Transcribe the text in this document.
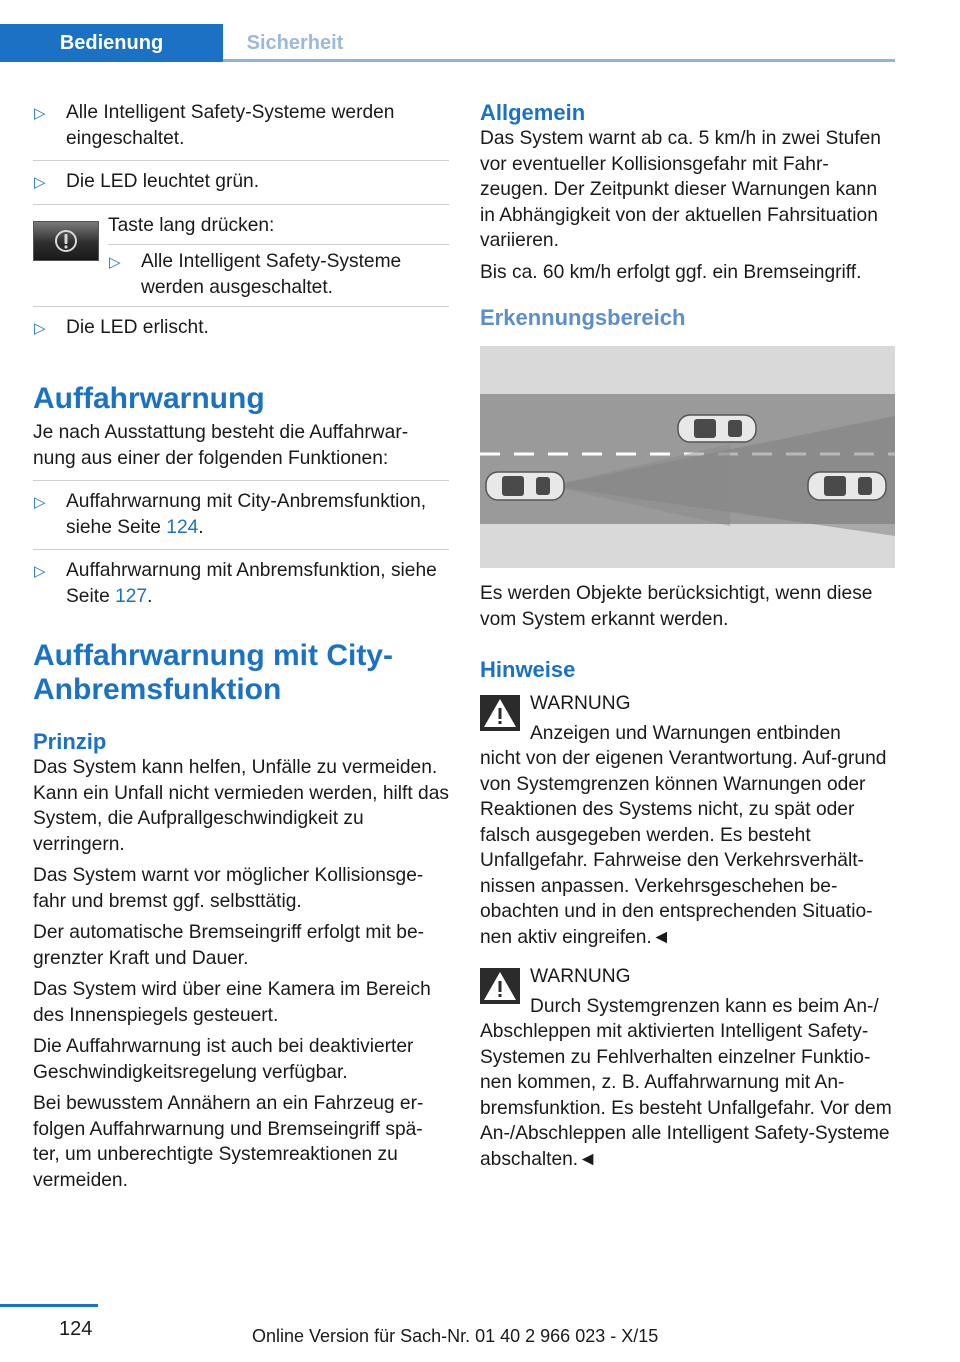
Bedienung	Sicherheit
▷ Alle Intelligent Safety-Systeme werden eingeschaltet.
▷ Die LED leuchtet grün.

Taste lang drücken:

▷ Alle Intelligent Safety-Systeme werden ausgeschaltet.
▷ Die LED erlischt.
Auffahrwarnung

Je nach Ausstattung besteht die Auffahrwar-nung aus einer der folgenden Funktionen:

▷ Auffahrwarnung mit City-Anbremsfunktion, siehe Seite 124.
▷ Auffahrwarnung mit Anbremsfunktion, siehe Seite 127.
Auffahrwarnung mit City-Anbremsfunktion
Prinzip

Das System kann helfen, Unfälle zu vermeiden. Kann ein Unfall nicht vermieden werden, hilft das System, die Aufprallgeschwindigkeit zu verringern.

Das System warnt vor möglicher Kollisionsge-fahr und bremst ggf. selbsttätig.

Der automatische Bremseingriff erfolgt mit be-grenzter Kraft und Dauer.

Das System wird über eine Kamera im Bereich des Innenspiegels gesteuert.

Die Auffahrwarnung ist auch bei deaktivierter Geschwindigkeitsregelung verfügbar.

Bei bewusstem Annähern an ein Fahrzeug er-folgen Auffahrwarnung und Bremseingriff spä-ter, um unberechtigte Systemreaktionen zu vermeiden.

Allgemein

Das System warnt ab ca. 5 km/h in zwei Stufen vor eventueller Kollisionsgefahr mit Fahr-zeugen. Der Zeitpunkt dieser Warnungen kann in Abhängigkeit von der aktuellen Fahrsituation variieren.

Bis ca. 60 km/h erfolgt ggf. ein Bremseingriff.

Erkennungsbereich

Es werden Objekte berücksichtigt, wenn diese vom System erkannt werden.

Hinweise

WARNUNG

Anzeigen und Warnungen entbinden

nicht von der eigenen Verantwortung. Auf-grund von Systemgrenzen können Warnungen oder Reaktionen des Systems nicht, zu spät oder falsch ausgegeben werden. Es besteht Unfallgefahr. Fahrweise den Verkehrsverhält-nissen anpassen. Verkehrsgeschehen be-obachten und in den entsprechenden Situatio-nen aktiv eingreifen.◄

WARNUNG

Durch Systemgrenzen kann es beim An-/

Abschleppen mit aktivierten Intelligent Safety-Systemen zu Fehlverhalten einzelner Funktio-nen kommen, z. B. Auffahrwarnung mit An-bremsfunktion. Es besteht Unfallgefahr. Vor dem An-/Abschleppen alle Intelligent Safety-Systeme abschalten.◄

124	Online Version für Sach-Nr. 01 40 2 966 023 - X/15
